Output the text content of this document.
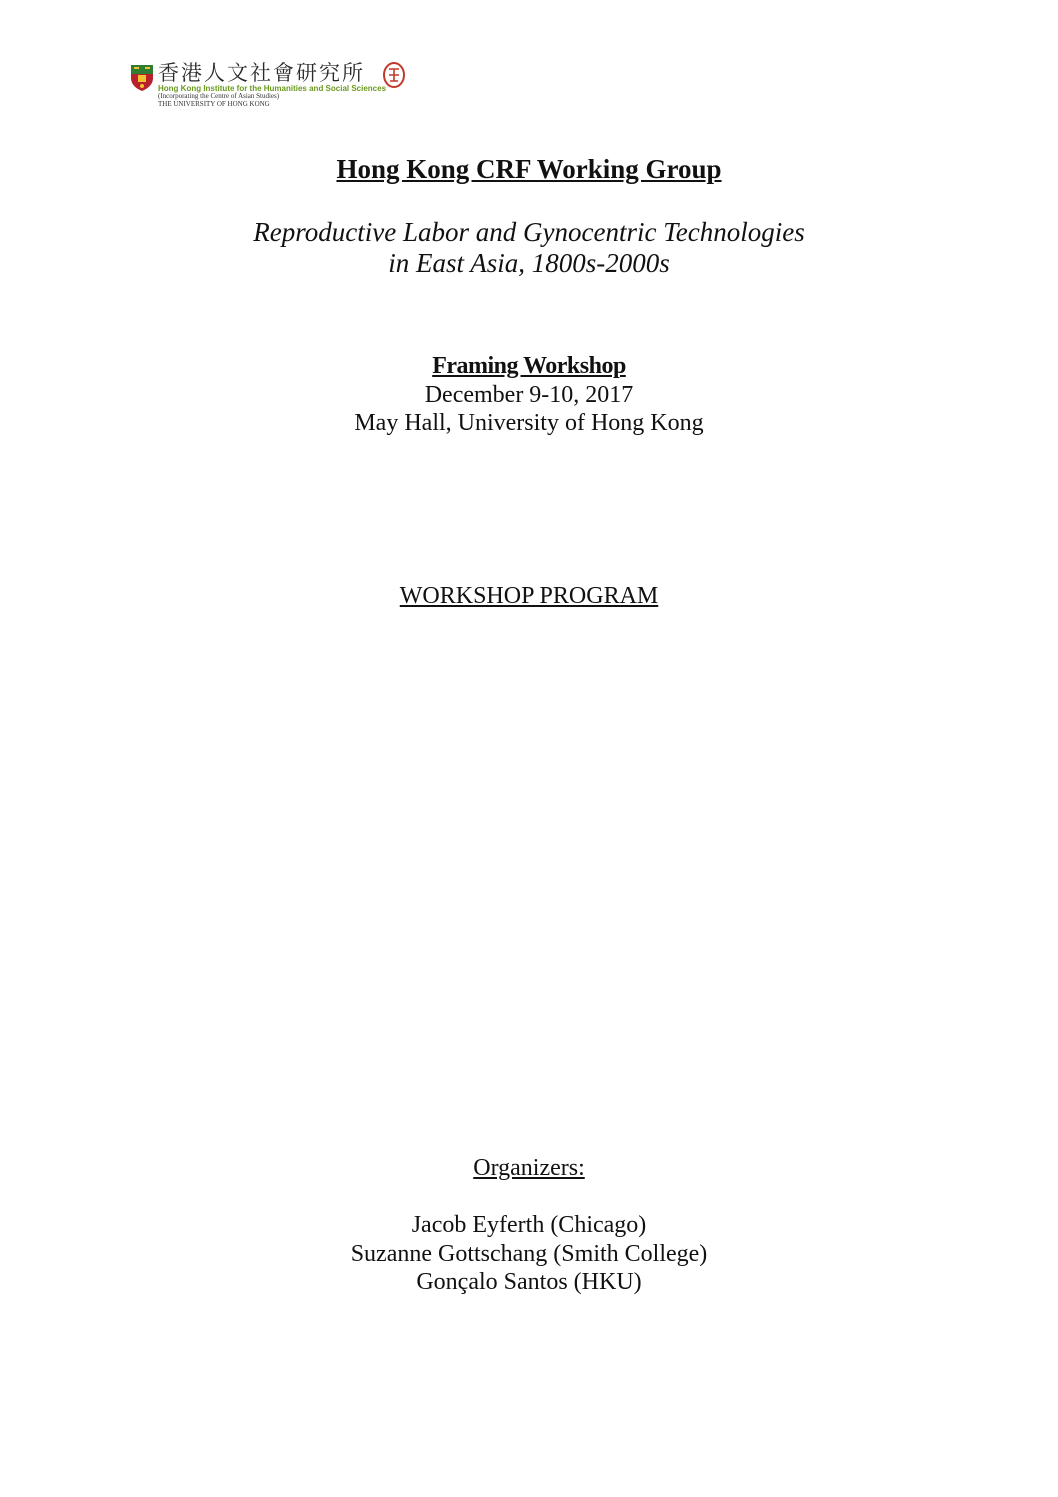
香港人文社會研究所
Hong Kong Institute for the Humanities and Social Sciences
(Incorporating the Centre of Asian Studies)
THE UNIVERSITY OF HONG KONG
Hong Kong CRF Working Group
Reproductive Labor and Gynocentric Technologies
in East Asia, 1800s-2000s
Framing Workshop
December 9-10, 2017
May Hall, University of Hong Kong
WORKSHOP PROGRAM
Organizers:
Jacob Eyferth (Chicago)
Suzanne Gottschang (Smith College)
Gonçalo Santos (HKU)
